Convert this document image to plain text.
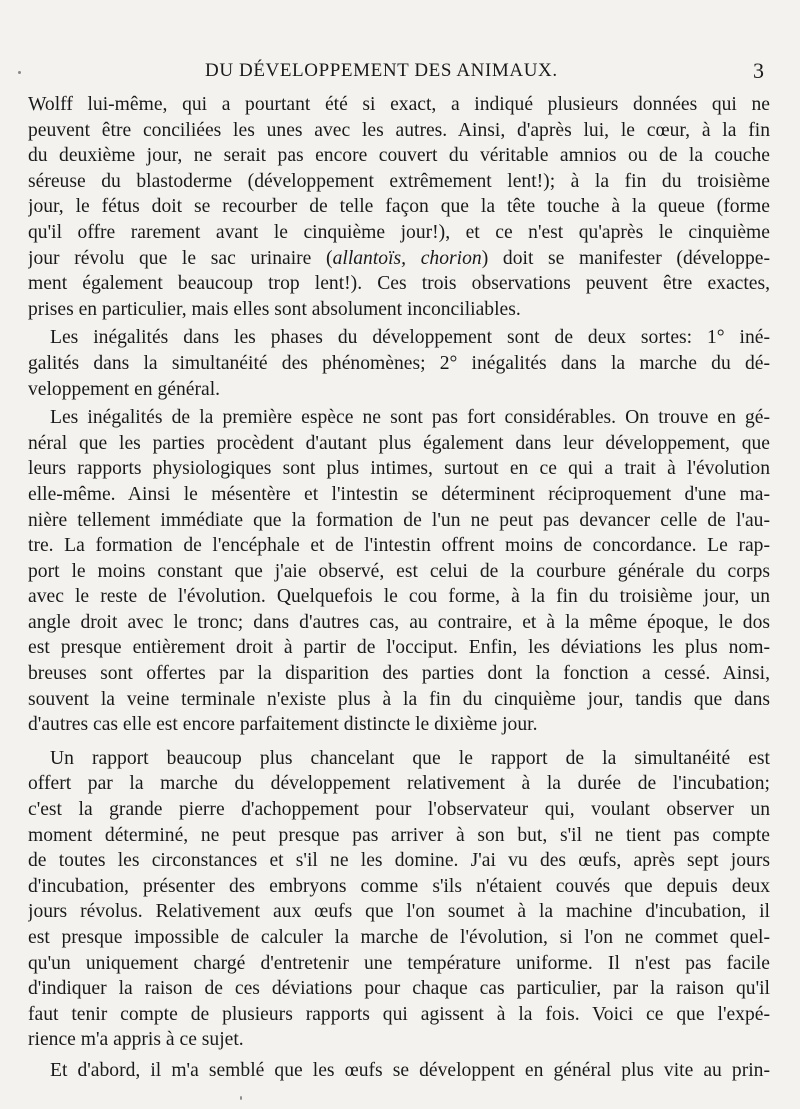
DU DÉVELOPPEMENT DES ANIMAUX.	3
Wolff lui-même, qui a pourtant été si exact, a indiqué plusieurs données qui ne
peuvent être conciliées les unes avec les autres. Ainsi, d'après lui, le cœur, à la fin
du deuxième jour, ne serait pas encore couvert du véritable amnios ou de la couche
séreuse du blastoderme (développement extrêmement lent!); à la fin du troisième
jour, le fétus doit se recourber de telle façon que la tête touche à la queue (forme
qu'il offre rarement avant le cinquième jour!), et ce n'est qu'après le cinquième
jour révolu que le sac urinaire (allantoïs, chorion) doit se manifester (développe-
ment également beaucoup trop lent!). Ces trois observations peuvent être exactes,
prises en particulier, mais elles sont absolument inconciliables.
Les inégalités dans les phases du développement sont de deux sortes: 1° iné-
galités dans la simultanéité des phénomènes; 2° inégalités dans la marche du dé-
veloppement en général.
Les inégalités de la première espèce ne sont pas fort considérables. On trouve en gé-
néral que les parties procèdent d'autant plus également dans leur développement, que
leurs rapports physiologiques sont plus intimes, surtout en ce qui a trait à l'évolution
elle-même. Ainsi le mésentère et l'intestin se déterminent réciproquement d'une ma-
nière tellement immédiate que la formation de l'un ne peut pas devancer celle de l'au-
tre. La formation de l'encéphale et de l'intestin offrent moins de concordance. Le rap-
port le moins constant que j'aie observé, est celui de la courbure générale du corps
avec le reste de l'évolution. Quelquefois le cou forme, à la fin du troisième jour, un
angle droit avec le tronc; dans d'autres cas, au contraire, et à la même époque, le dos
est presque entièrement droit à partir de l'occiput. Enfin, les déviations les plus nom-
breuses sont offertes par la disparition des parties dont la fonction a cessé. Ainsi,
souvent la veine terminale n'existe plus à la fin du cinquième jour, tandis que dans
d'autres cas elle est encore parfaitement distincte le dixième jour.
Un rapport beaucoup plus chancelant que le rapport de la simultanéité est
offert par la marche du développement relativement à la durée de l'incubation;
c'est la grande pierre d'achoppement pour l'observateur qui, voulant observer un
moment déterminé, ne peut presque pas arriver à son but, s'il ne tient pas compte
de toutes les circonstances et s'il ne les domine. J'ai vu des œufs, après sept jours
d'incubation, présenter des embryons comme s'ils n'étaient couvés que depuis deux
jours révolus. Relativement aux œufs que l'on soumet à la machine d'incubation, il
est presque impossible de calculer la marche de l'évolution, si l'on ne commet quel-
qu'un uniquement chargé d'entretenir une température uniforme. Il n'est pas facile
d'indiquer la raison de ces déviations pour chaque cas particulier, par la raison qu'il
faut tenir compte de plusieurs rapports qui agissent à la fois. Voici ce que l'expé-
rience m'a appris à ce sujet.
Et d'abord, il m'a semblé que les œufs se développent en général plus vite au prin-
